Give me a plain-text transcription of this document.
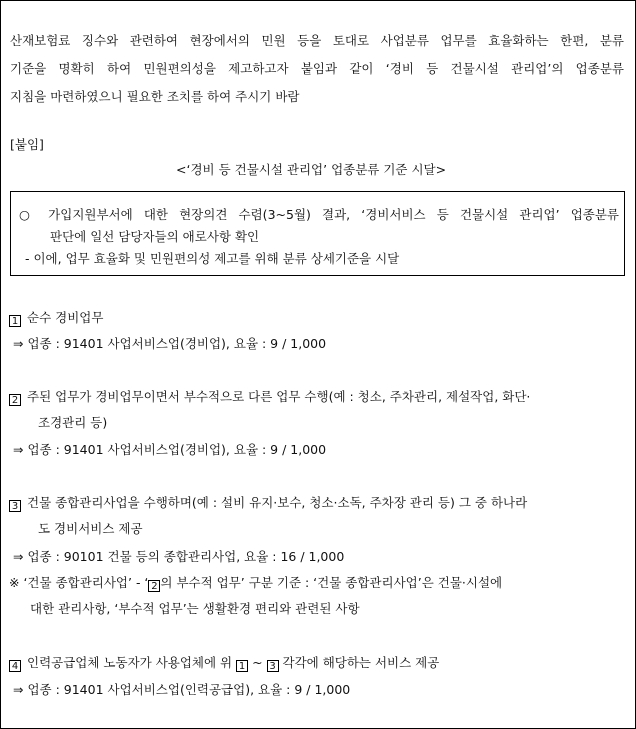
산재보험료 징수와 관련하여 현장에서의 민원 등을 토대로 사업분류 업무를 효율화하는 한편, 분류
기준을 명확히 하여 민원편의성을 제고하고자 붙임과 같이 ‘경비 등 건물시설 관리업’의 업종분류
지침을 마련하였으니 필요한 조치를 하여 주시기 바람
[붙임]
<‘경비 등 건물시설 관리업’ 업종분류 기준 시달>
○ 가입지원부서에 대한 현장의견 수렴(3~5월) 결과, ‘경비서비스 등 건물시설 관리업’ 업종분류
판단에 일선 담당자들의 애로사항 확인
- 이에, 업무 효율화 및 민원편의성 제고를 위해 분류 상세기준을 시달
1 순수 경비업무
⇒ 업종 : 91401 사업서비스업(경비업), 요율 : 9 / 1,000
2 주된 업무가 경비업무이면서 부수적으로 다른 업무 수행(예 : 청소, 주차관리, 제설작업, 화단·
조경관리 등)
⇒ 업종 : 91401 사업서비스업(경비업), 요율 : 9 / 1,000
3 건물 종합관리사업을 수행하며(예 : 설비 유지·보수, 청소·소독, 주차장 관리 등) 그 중 하나라
도 경비서비스 제공
⇒ 업종 : 90101 건물 등의 종합관리사업, 요율 : 16 / 1,000
※ ‘건물 종합관리사업’ - ‘ 2 의 부수적 업무’ 구분 기준 : ‘건물 종합관리사업’은 건물·시설에
대한 관리사항, ‘부수적 업무’는 생활환경 편리와 관련된 사항
4 인력공급업체 노동자가 사용업체에 위 1 ~ 3 각각에 해당하는 서비스 제공
⇒ 업종 : 91401 사업서비스업(인력공급업), 요율 : 9 / 1,000
